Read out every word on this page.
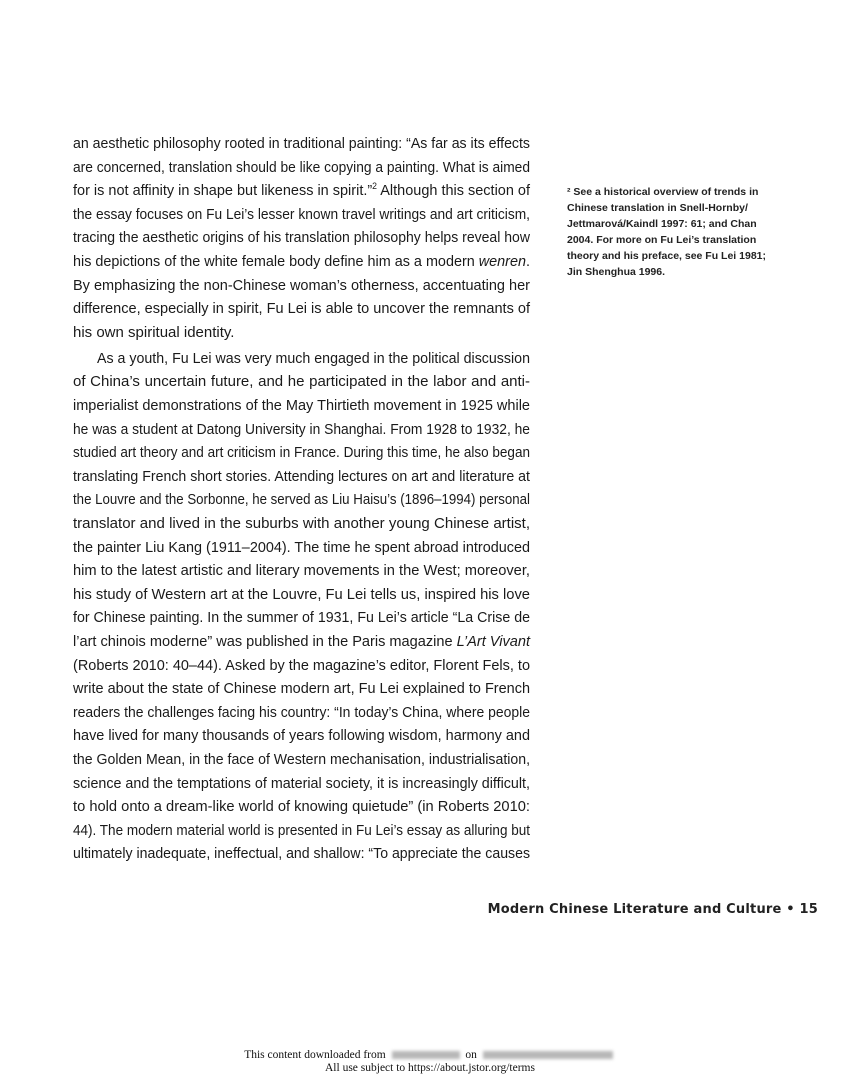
an aesthetic philosophy rooted in traditional painting: “As far as its effects
are concerned, translation should be like copying a painting. What is aimed
for is not affinity in shape but likeness in spirit.”$^2$ Although this section of
the essay focuses on Fu Lei’s lesser known travel writings and art criticism,
tracing the aesthetic origins of his translation philosophy helps reveal how
his depictions of the white female body define him as a modern wenren.
By emphasizing the non-Chinese woman’s otherness, accentuating her
difference, especially in spirit, Fu Lei is able to uncover the remnants of
his own spiritual identity.
As a youth, Fu Lei was very much engaged in the political discussion
of China’s uncertain future, and he participated in the labor and anti-
imperialist demonstrations of the May Thirtieth movement in 1925 while
he was a student at Datong University in Shanghai. From 1928 to 1932, he
studied art theory and art criticism in France. During this time, he also began
translating French short stories. Attending lectures on art and literature at
the Louvre and the Sorbonne, he served as Liu Haisu’s (1896–1994) personal
translator and lived in the suburbs with another young Chinese artist,
the painter Liu Kang (1911–2004). The time he spent abroad introduced
him to the latest artistic and literary movements in the West; moreover,
his study of Western art at the Louvre, Fu Lei tells us, inspired his love
for Chinese painting. In the summer of 1931, Fu Lei’s article “La Crise de
l’art chinois moderne” was published in the Paris magazine L’Art Vivant
(Roberts 2010: 40–44). Asked by the magazine’s editor, Florent Fels, to
write about the state of Chinese modern art, Fu Lei explained to French
readers the challenges facing his country: “In today’s China, where people
have lived for many thousands of years following wisdom, harmony and
the Golden Mean, in the face of Western mechanisation, industrialisation,
science and the temptations of material society, it is increasingly difficult,
to hold onto a dream-like world of knowing quietude” (in Roberts 2010:
44). The modern material world is presented in Fu Lei’s essay as alluring but
ultimately inadequate, ineffectual, and shallow: “To appreciate the causes
² See a historical overview of trends in
Chinese translation in Snell-Hornby/
Jettmarová/Kaindl 1997: 61; and Chan
2004. For more on Fu Lei’s translation
theory and his preface, see Fu Lei 1981;
Jin Shenghua 1996.
Modern Chinese Literature and Culture • 15
This content downloaded from	on
All use subject to https://about.jstor.org/terms
